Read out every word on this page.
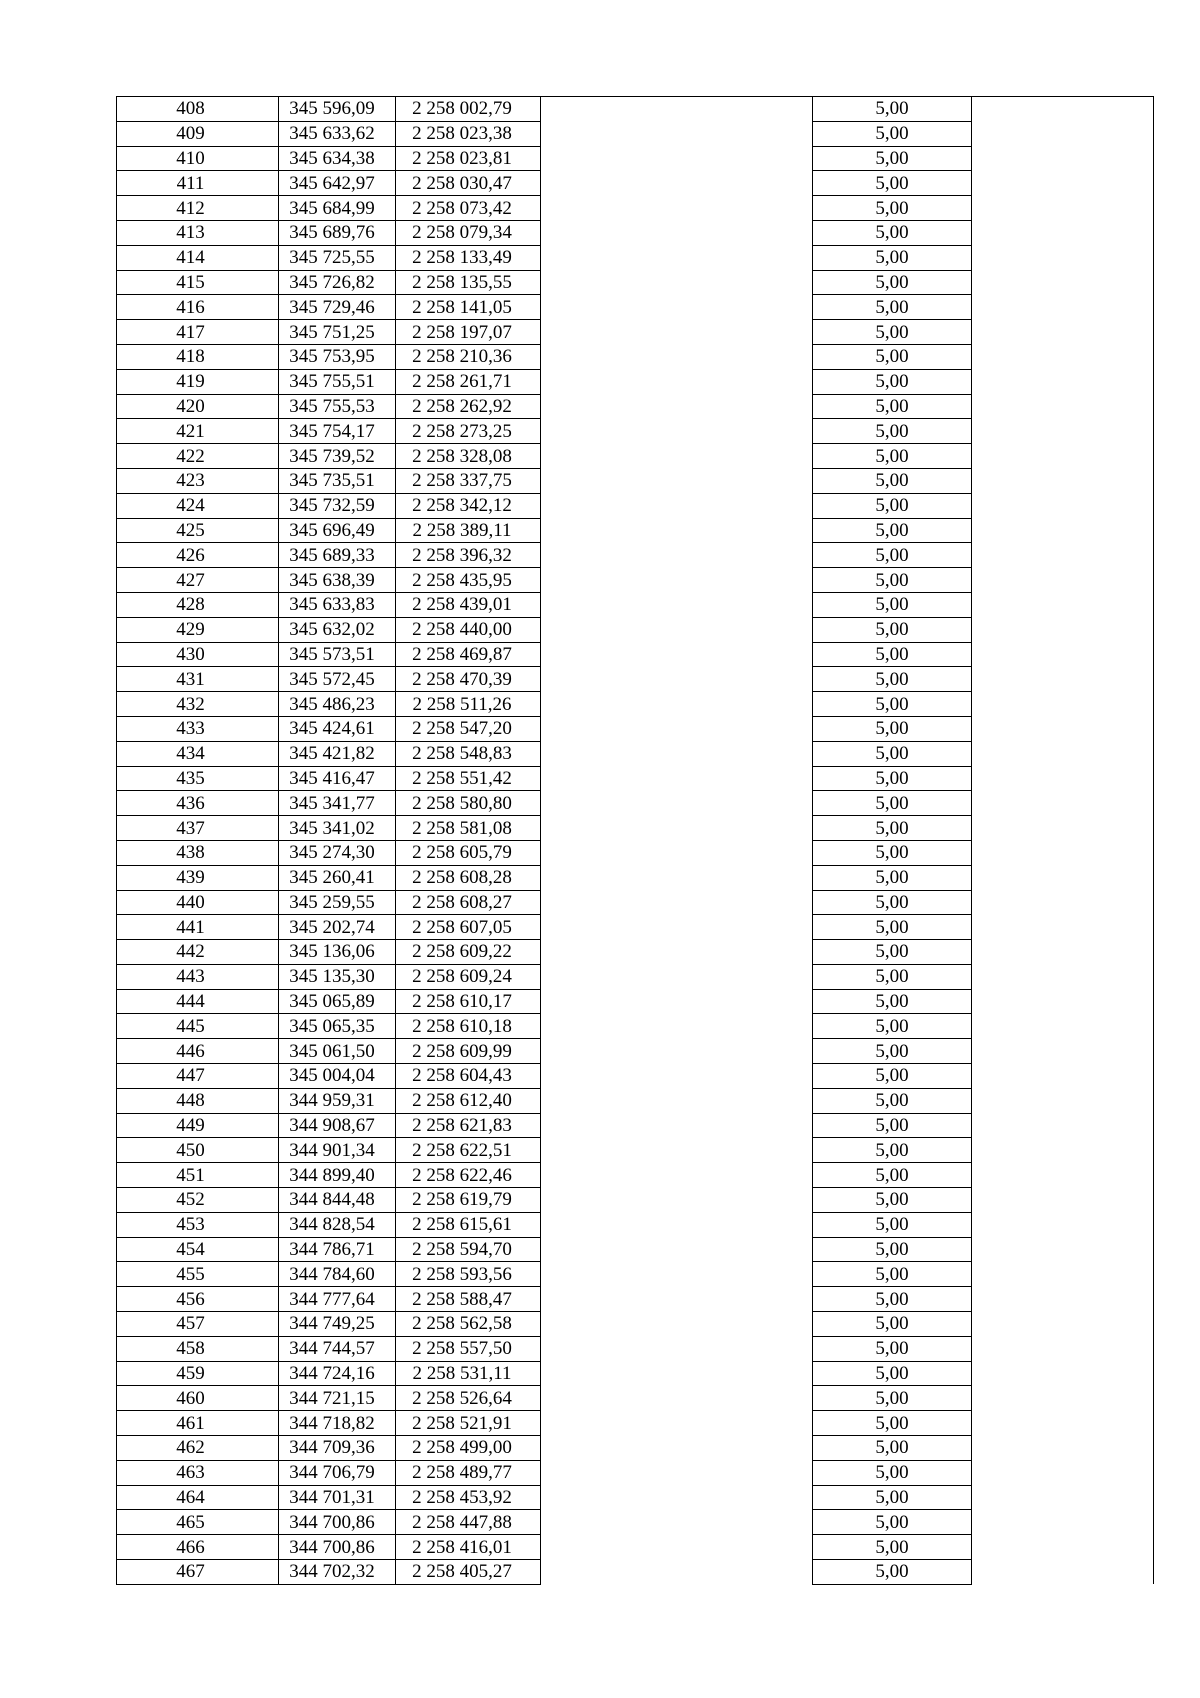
408	345 596,09	2 258 002,79		5,00	
409	345 633,62	2 258 023,38		5,00	
410	345 634,38	2 258 023,81		5,00	
411	345 642,97	2 258 030,47		5,00	
412	345 684,99	2 258 073,42		5,00	
413	345 689,76	2 258 079,34		5,00	
414	345 725,55	2 258 133,49		5,00	
415	345 726,82	2 258 135,55		5,00	
416	345 729,46	2 258 141,05		5,00	
417	345 751,25	2 258 197,07		5,00	
418	345 753,95	2 258 210,36		5,00	
419	345 755,51	2 258 261,71		5,00	
420	345 755,53	2 258 262,92		5,00	
421	345 754,17	2 258 273,25		5,00	
422	345 739,52	2 258 328,08		5,00	
423	345 735,51	2 258 337,75		5,00	
424	345 732,59	2 258 342,12		5,00	
425	345 696,49	2 258 389,11		5,00	
426	345 689,33	2 258 396,32		5,00	
427	345 638,39	2 258 435,95		5,00	
428	345 633,83	2 258 439,01		5,00	
429	345 632,02	2 258 440,00		5,00	
430	345 573,51	2 258 469,87		5,00	
431	345 572,45	2 258 470,39		5,00	
432	345 486,23	2 258 511,26		5,00	
433	345 424,61	2 258 547,20		5,00	
434	345 421,82	2 258 548,83		5,00	
435	345 416,47	2 258 551,42		5,00	
436	345 341,77	2 258 580,80		5,00	
437	345 341,02	2 258 581,08		5,00	
438	345 274,30	2 258 605,79		5,00	
439	345 260,41	2 258 608,28		5,00	
440	345 259,55	2 258 608,27		5,00	
441	345 202,74	2 258 607,05		5,00	
442	345 136,06	2 258 609,22		5,00	
443	345 135,30	2 258 609,24		5,00	
444	345 065,89	2 258 610,17		5,00	
445	345 065,35	2 258 610,18		5,00	
446	345 061,50	2 258 609,99		5,00	
447	345 004,04	2 258 604,43		5,00	
448	344 959,31	2 258 612,40		5,00	
449	344 908,67	2 258 621,83		5,00	
450	344 901,34	2 258 622,51		5,00	
451	344 899,40	2 258 622,46		5,00	
452	344 844,48	2 258 619,79		5,00	
453	344 828,54	2 258 615,61		5,00	
454	344 786,71	2 258 594,70		5,00	
455	344 784,60	2 258 593,56		5,00	
456	344 777,64	2 258 588,47		5,00	
457	344 749,25	2 258 562,58		5,00	
458	344 744,57	2 258 557,50		5,00	
459	344 724,16	2 258 531,11		5,00	
460	344 721,15	2 258 526,64		5,00	
461	344 718,82	2 258 521,91		5,00	
462	344 709,36	2 258 499,00		5,00	
463	344 706,79	2 258 489,77		5,00	
464	344 701,31	2 258 453,92		5,00	
465	344 700,86	2 258 447,88		5,00	
466	344 700,86	2 258 416,01		5,00	
467	344 702,32	2 258 405,27		5,00	
